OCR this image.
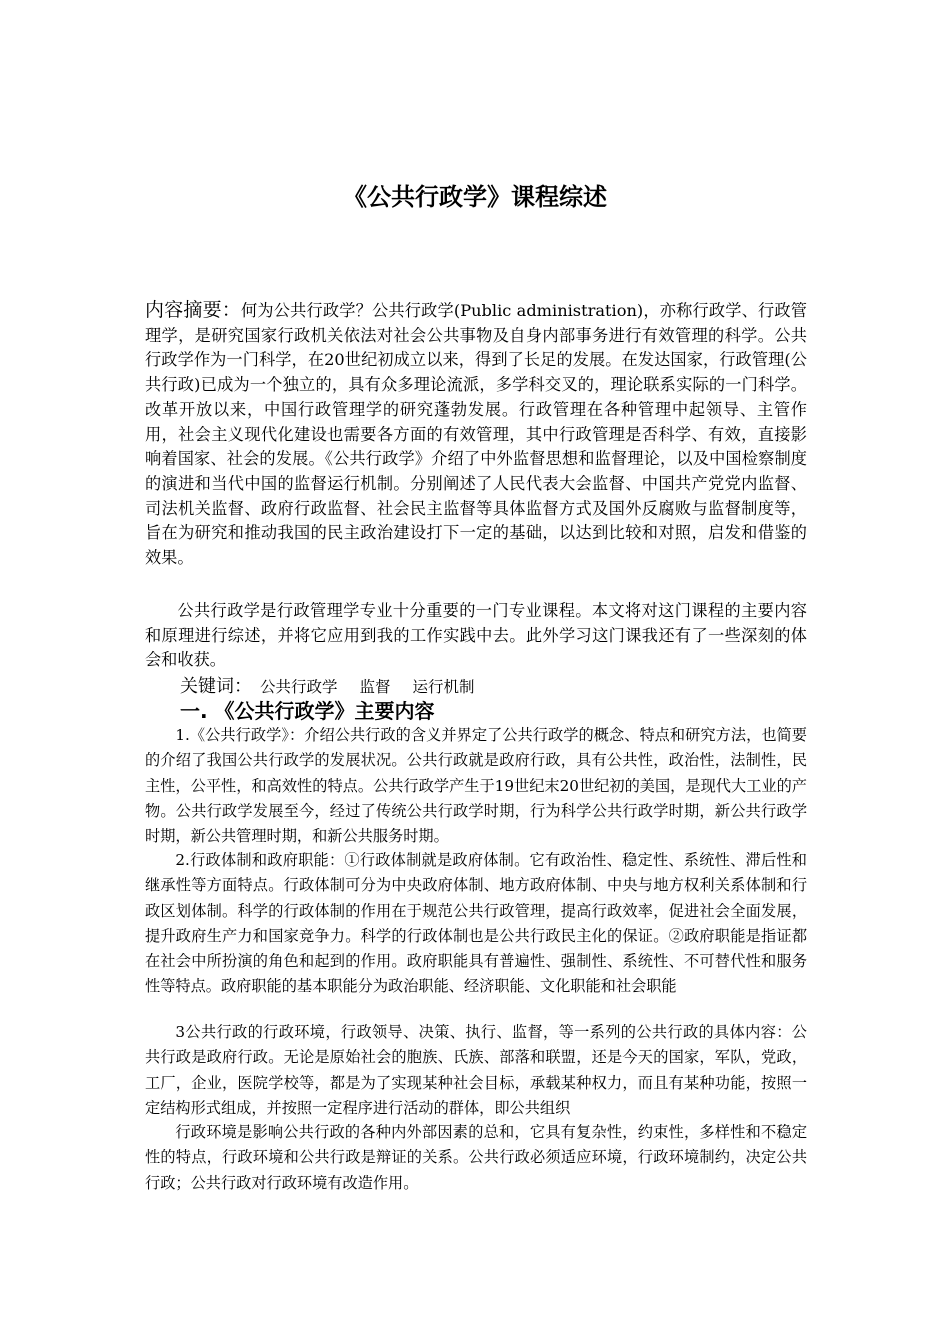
《公共行政学》课程综述

内容摘要：何为公共行政学？公共行政学(Public administration)，亦称行政学、行政管理学，是研究国家行政机关依法对社会公共事物及自身内部事务进行有效管理的科学。公共行政学作为一门科学，在20世纪初成立以来，得到了长足的发展。在发达国家，行政管理(公共行政)已成为一个独立的，具有众多理论流派，多学科交叉的，理论联系实际的一门科学。改革开放以来，中国行政管理学的研究蓬勃发展。行政管理在各种管理中起领导、主管作用，社会主义现代化建设也需要各方面的有效管理，其中行政管理是否科学、有效，直接影响着国家、社会的发展。《公共行政学》介绍了中外监督思想和监督理论，以及中国检察制度的演进和当代中国的监督运行机制。分别阐述了人民代表大会监督、中国共产党党内监督、司法机关监督、政府行政监督、社会民主监督等具体监督方式及国外反腐败与监督制度等，旨在为研究和推动我国的民主政治建设打下一定的基础，以达到比较和对照，启发和借鉴的效果。

公共行政学是行政管理学专业十分重要的一门专业课程。本文将对这门课程的主要内容和原理进行综述，并将它应用到我的工作实践中去。此外学习这门课我还有了一些深刻的体会和收获。

关键词： 公共行政学 监督 运行机制

一. 《公共行政学》主要内容

1.《公共行政学》：介绍公共行政的含义并界定了公共行政学的概念、特点和研究方法，也简要的介绍了我国公共行政学的发展状况。公共行政就是政府行政，具有公共性，政治性，法制性，民主性，公平性，和高效性的特点。公共行政学产生于19世纪末20世纪初的美国，是现代大工业的产物。公共行政学发展至今，经过了传统公共行政学时期，行为科学公共行政学时期，新公共行政学时期，新公共管理时期，和新公共服务时期。

2.行政体制和政府职能：①行政体制就是政府体制。它有政治性、稳定性、系统性、滞后性和继承性等方面特点。行政体制可分为中央政府体制、地方政府体制、中央与地方权利关系体制和行政区划体制。科学的行政体制的作用在于规范公共行政管理，提高行政效率，促进社会全面发展，提升政府生产力和国家竞争力。科学的行政体制也是公共行政民主化的保证。②政府职能是指证都在社会中所扮演的角色和起到的作用。政府职能具有普遍性、强制性、系统性、不可替代性和服务性等特点。政府职能的基本职能分为政治职能、经济职能、文化职能和社会职能

3公共行政的行政环境，行政领导、决策、执行、监督，等一系列的公共行政的具体内容：公共行政是政府行政。无论是原始社会的胞族、氏族、部落和联盟，还是今天的国家，军队，党政，工厂，企业，医院学校等，都是为了实现某种社会目标，承载某种权力，而且有某种功能，按照一定结构形式组成，并按照一定程序进行活动的群体，即公共组织

行政环境是影响公共行政的各种内外部因素的总和，它具有复杂性，约束性，多样性和不稳定性的特点，行政环境和公共行政是辩证的关系。公共行政必须适应环境，行政环境制约，决定公共行政；公共行政对行政环境有改造作用。
